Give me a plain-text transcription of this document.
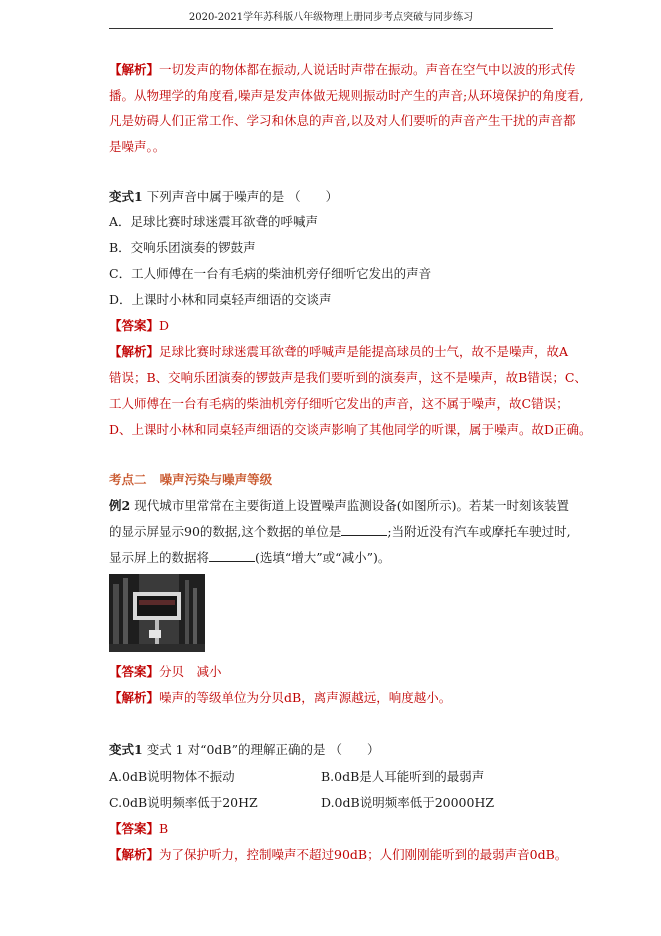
2020-2021学年苏科版八年级物理上册同步考点突破与同步练习
【解析】一切发声的物体都在振动,人说话时声带在振动。声音在空气中以波的形式传
播。从物理学的角度看,噪声是发声体做无规则振动时产生的声音;从环境保护的角度看,
凡是妨碍人们正常工作、学习和休息的声音,以及对人们要听的声音产生干扰的声音都
是噪声。。
变式1 下列声音中属于噪声的是 （　　）
A．足球比赛时球迷震耳欲聋的呼喊声
B．交响乐团演奏的锣鼓声
C．工人师傅在一台有毛病的柴油机旁仔细听它发出的声音
D．上课时小林和同桌轻声细语的交谈声
【答案】D
【解析】足球比赛时球迷震耳欲聋的呼喊声是能提高球员的士气，故不是噪声，故A
错误；B、交响乐团演奏的锣鼓声是我们要听到的演奏声，这不是噪声，故B错误；C、
工人师傅在一台有毛病的柴油机旁仔细听它发出的声音，这不属于噪声，故C错误；
D、上课时小林和同桌轻声细语的交谈声影响了其他同学的听课，属于噪声。故D正确。
考点二 噪声污染与噪声等级
例2 现代城市里常常在主要街道上设置噪声监测设备(如图所示)。若某一时刻该装置
的显示屏显示90的数据,这个数据的单位是	;当附近没有汽车或摩托车驶过时,
显示屏上的数据将	(选填“增大”或“减小”)。
【答案】分贝　减小
【解析】噪声的等级单位为分贝dB，离声源越远，响度越小。
变式1 变式 1 对“0dB”的理解正确的是 （　　）
A.0dB说明物体不振动	B.0dB是人耳能听到的最弱声
C.0dB说明频率低于20HZ	D.0dB说明频率低于20000HZ
【答案】B
【解析】为了保护听力，控制噪声不超过90dB；人们刚刚能听到的最弱声音0dB。
